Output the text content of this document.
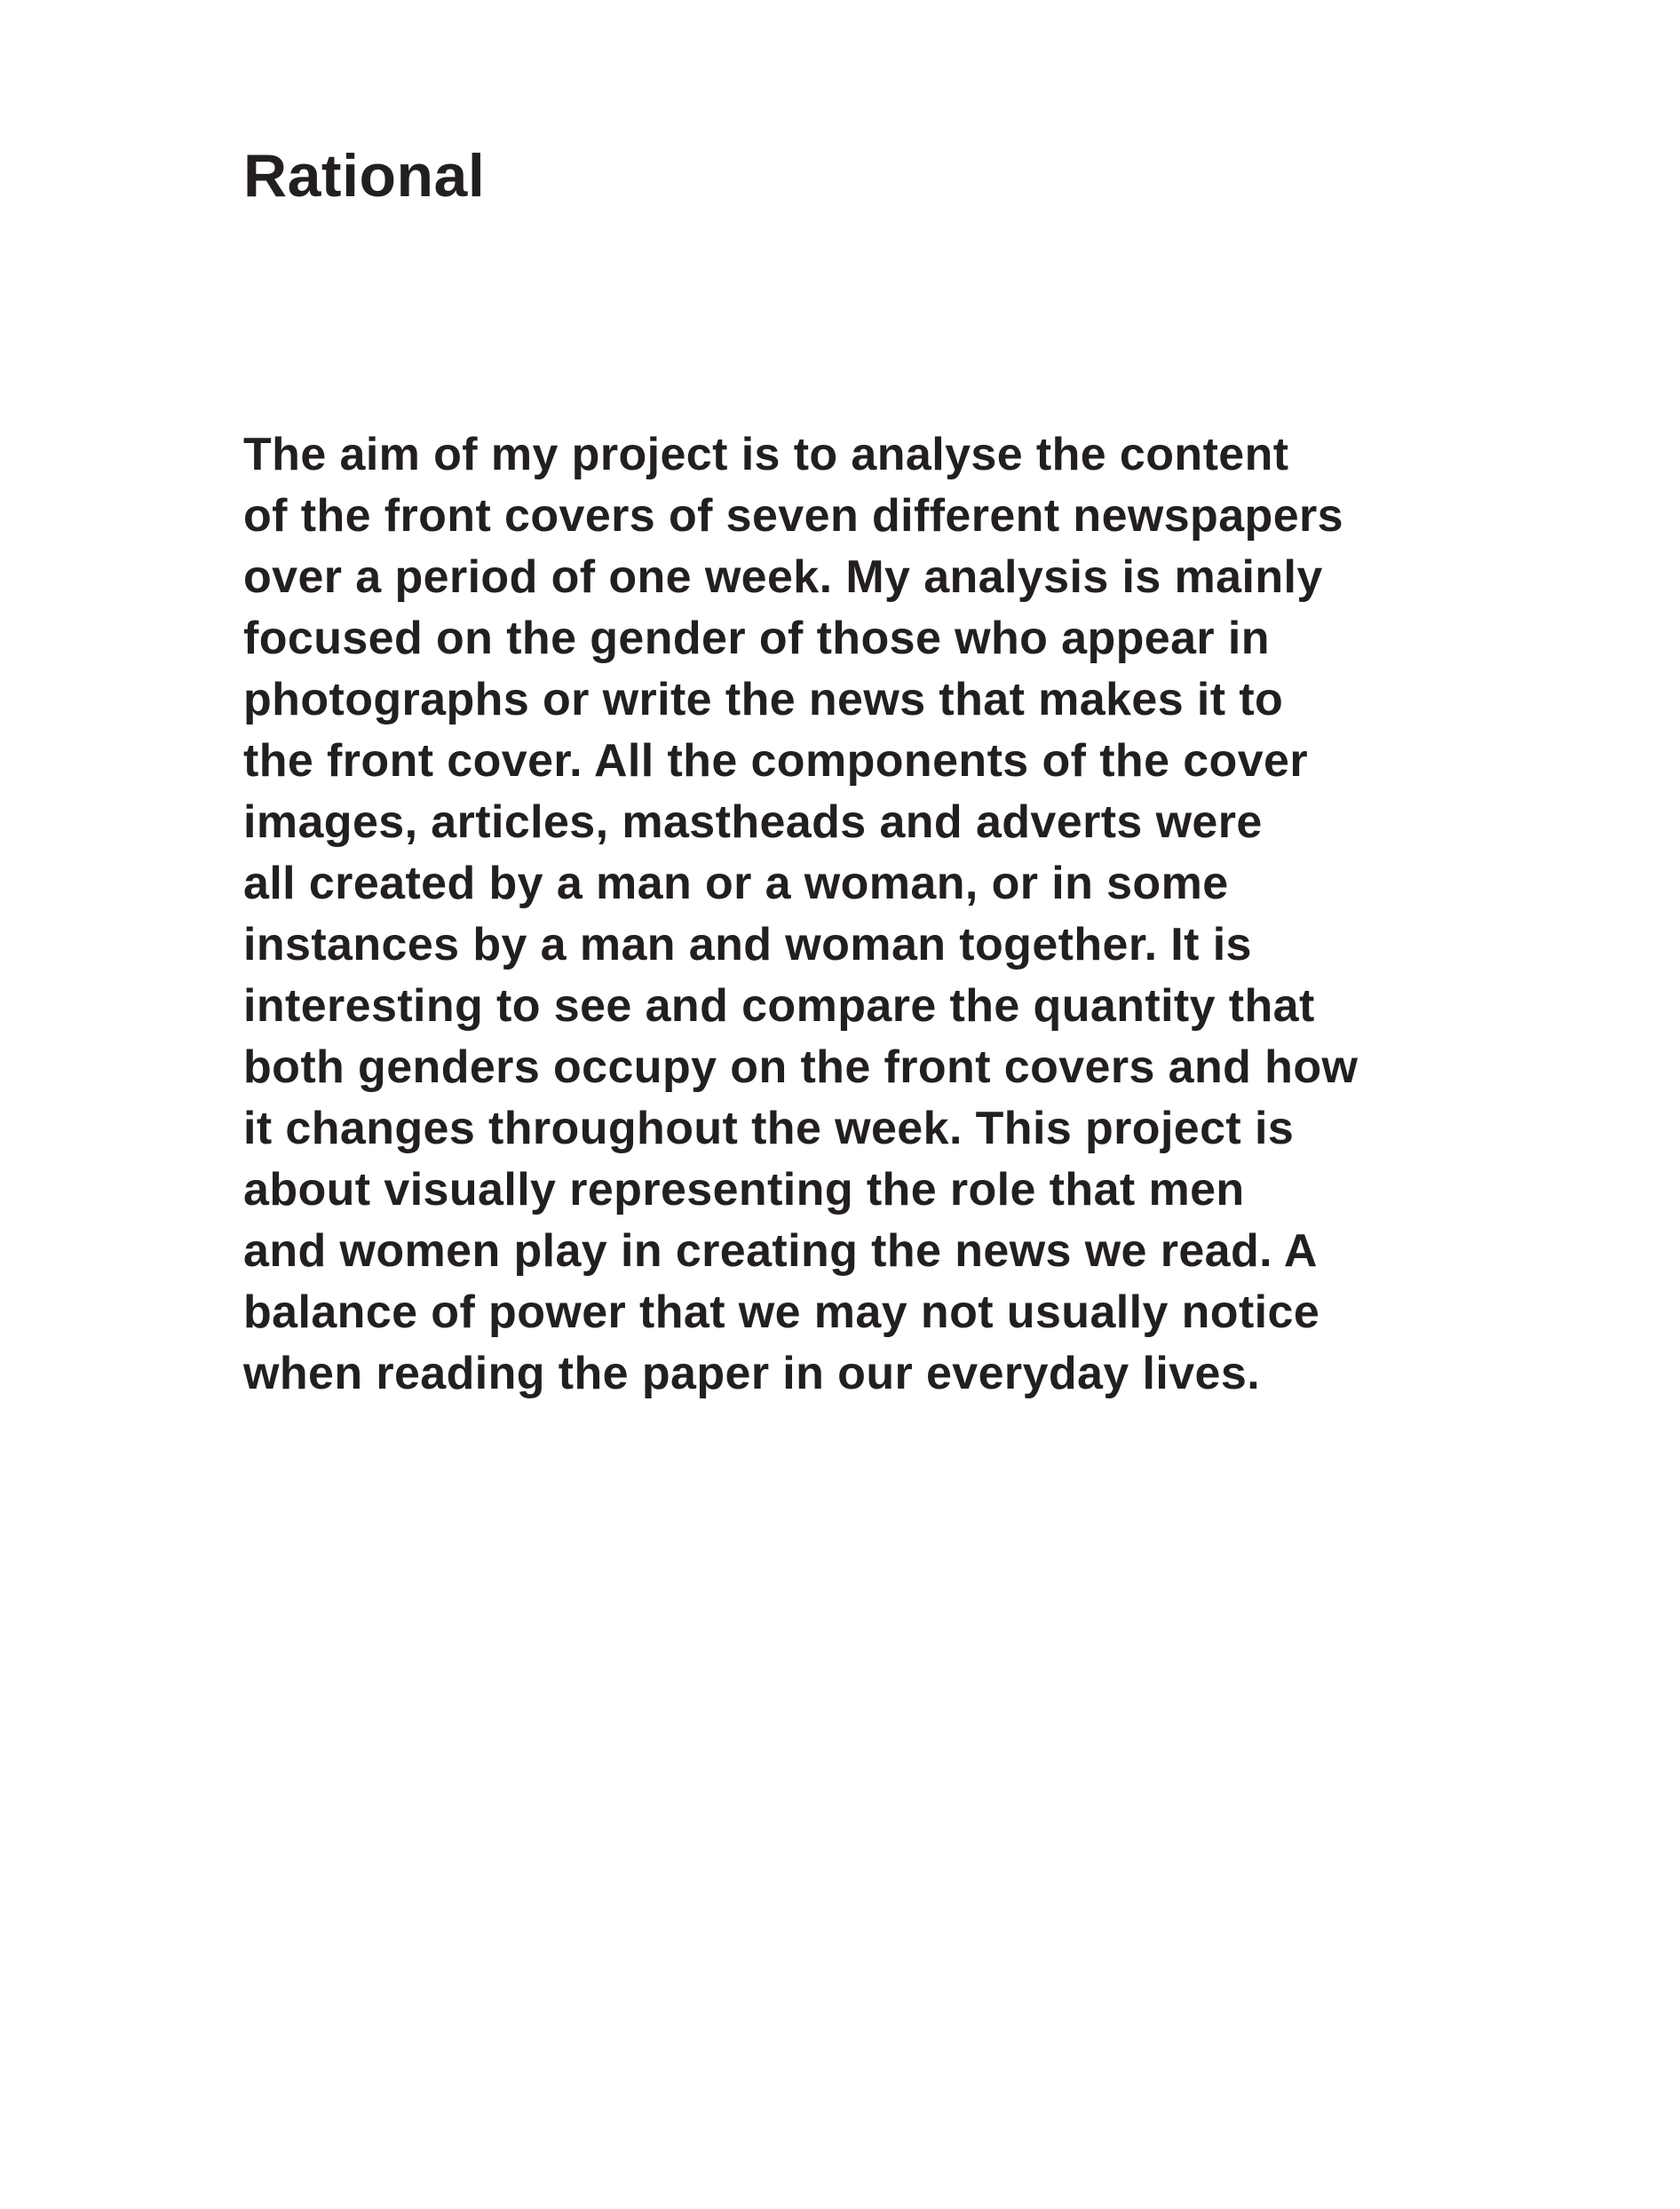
Rational

The aim of my project is to analyse the content
of the front covers of seven different newspapers
over a period of one week. My analysis is mainly
focused on the gender of those who appear in
photographs or write the news that makes it to
the front cover. All the components of the cover
images, articles, mastheads and adverts were
all created by a man or a woman, or in some
instances by a man and woman together. It is
interesting to see and compare the quantity that
both genders occupy on the front covers and how
it changes throughout the week. This project is
about visually representing the role that men
and women play in creating the news we read. A
balance of power that we may not usually notice
when reading the paper in our everyday lives.
